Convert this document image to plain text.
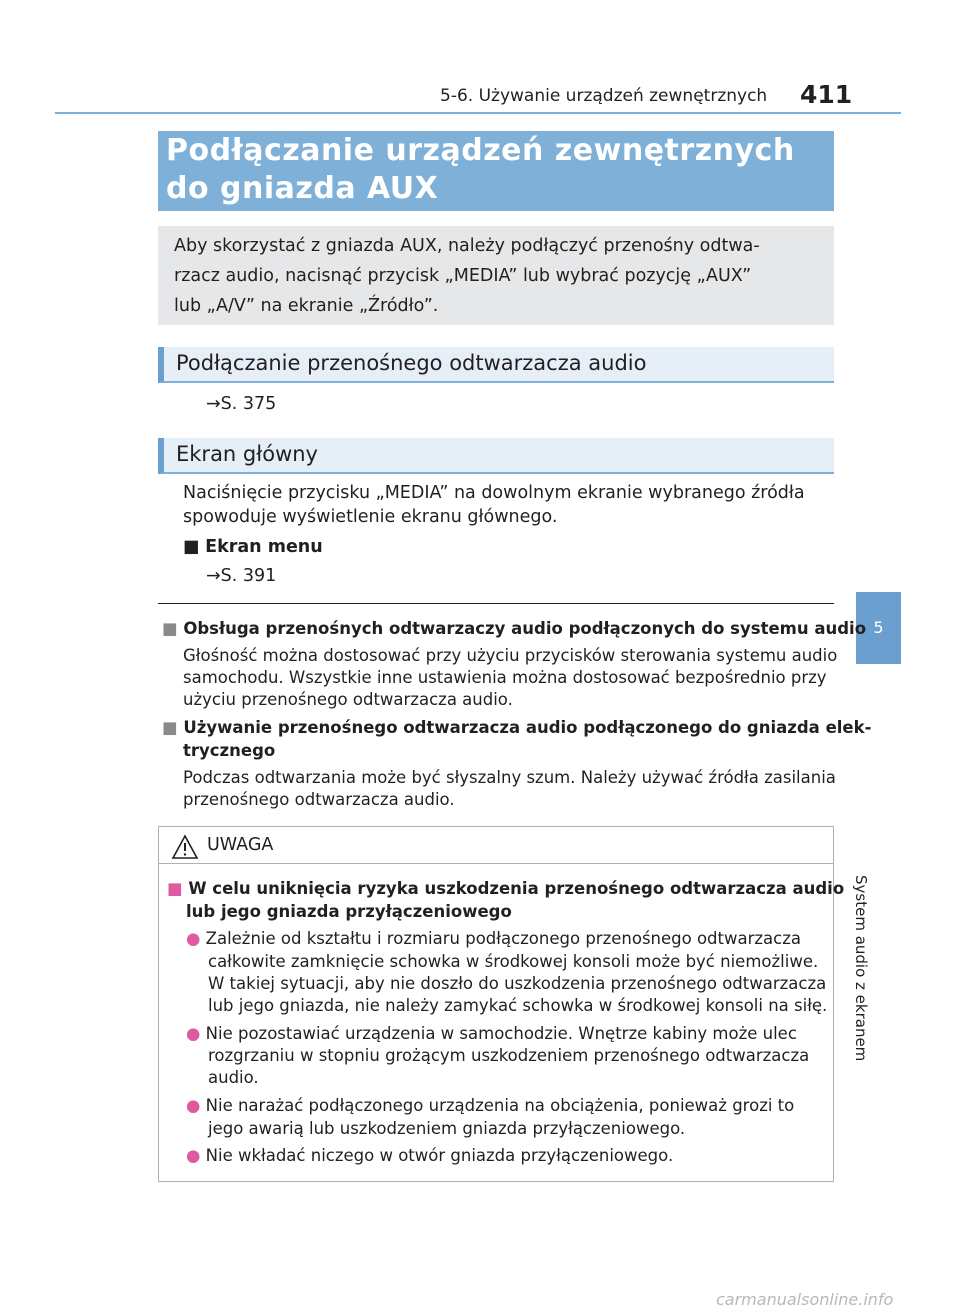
5-6. Używanie urządzeń zewnętrznych 411
5
System audio z ekranem
Podłączanie urządzeń zewnętrznych
do gniazda AUX
Aby skorzystać z gniazda AUX, należy podłączyć przenośny odtwa-
rzacz audio, nacisnąć przycisk „MEDIA” lub wybrać pozycję „AUX”
lub „A/V” na ekranie „Źródło”.
Podłączanie przenośnego odtwarzacza audio
→S. 375
Ekran główny
Naciśnięcie przycisku „MEDIA” na dowolnym ekranie wybranego źródła
spowoduje wyświetlenie ekranu głównego.
■ Ekran menu
→S. 391
■ Obsługa przenośnych odtwarzaczy audio podłączonych do systemu audio
Głośność można dostosować przy użyciu przycisków sterowania systemu audio
samochodu. Wszystkie inne ustawienia można dostosować bezpośrednio przy
użyciu przenośnego odtwarzacza audio.
■ Używanie przenośnego odtwarzacza audio podłączonego do gniazda elek-
trycznego
Podczas odtwarzania może być słyszalny szum. Należy używać źródła zasilania
przenośnego odtwarzacza audio.
UWAGA
■ W celu uniknięcia ryzyka uszkodzenia przenośnego odtwarzacza audio
lub jego gniazda przyłączeniowego
● Zależnie od kształtu i rozmiaru podłączonego przenośnego odtwarzacza
całkowite zamknięcie schowka w środkowej konsoli może być niemożliwe.
W takiej sytuacji, aby nie doszło do uszkodzenia przenośnego odtwarzacza
lub jego gniazda, nie należy zamykać schowka w środkowej konsoli na siłę.
● Nie pozostawiać urządzenia w samochodzie. Wnętrze kabiny może ulec
rozgrzaniu w stopniu grożącym uszkodzeniem przenośnego odtwarzacza
audio.
● Nie narażać podłączonego urządzenia na obciążenia, ponieważ grozi to
jego awarią lub uszkodzeniem gniazda przyłączeniowego.
● Nie wkładać niczego w otwór gniazda przyłączeniowego.
carmanualsonline.info
